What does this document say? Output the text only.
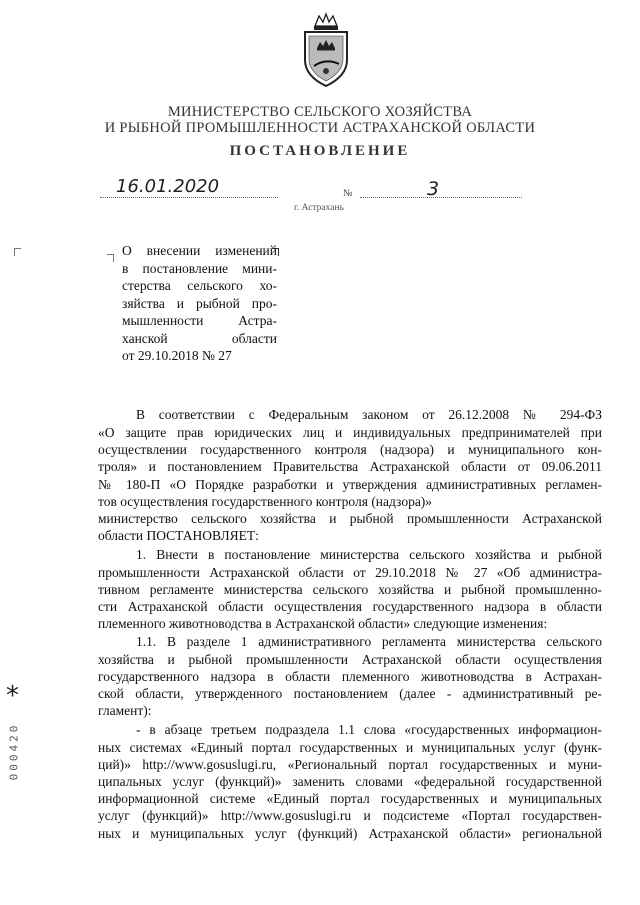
МИНИСТЕРСТВО СЕЛЬСКОГО ХОЗЯЙСТВА
И РЫБНОЙ ПРОМЫШЛЕННОСТИ АСТРАХАНСКОЙ ОБЛАСТИ
ПОСТАНОВЛЕНИЕ
16.01.2020	№	3
г. Астрахань
О внесении изменений
в постановление мини-
стерства сельского хо-
зяйства и рыбной про-
мышленности Астра-
ханской области
от 29.10.2018 № 27
В соответствии с Федеральным законом от 26.12.2008 № 294-ФЗ
«О защите прав юридических лиц и индивидуальных предпринимателей при
осуществлении государственного контроля (надзора) и муниципального кон-
троля» и постановлением Правительства Астраханской области от 09.06.2011
№ 180-П «О Порядке разработки и утверждения административных регламен-
тов осуществления государственного контроля (надзора)»
министерство сельского хозяйства и рыбной промышленности Астраханской
области ПОСТАНОВЛЯЕТ:
1. Внести в постановление министерства сельского хозяйства и рыбной
промышленности Астраханской области от 29.10.2018 № 27 «Об администра-
тивном регламенте министерства сельского хозяйства и рыбной промышленно-
сти Астраханской области осуществления государственного надзора в области
племенного животноводства в Астраханской области» следующие изменения:
1.1. В разделе 1 административного регламента министерства сельского
хозяйства и рыбной промышленности Астраханской области осуществления
государственного надзора в области племенного животноводства в Астрахан-
ской области, утвержденного постановлением (далее - административный ре-
гламент):
- в абзаце третьем подраздела 1.1 слова «государственных информацион-
ных системах «Единый портал государственных и муниципальных услуг (функ-
ций)» http://www.gosuslugi.ru, «Региональный портал государственных и муни-
ципальных услуг (функций)» заменить словами «федеральной государственной
информационной системе «Единый портал государственных и муниципальных
услуг (функций)» http://www.gosuslugi.ru и подсистеме «Портал государствен-
ных и муниципальных услуг (функций) Астраханской области» региональной
*
000420
